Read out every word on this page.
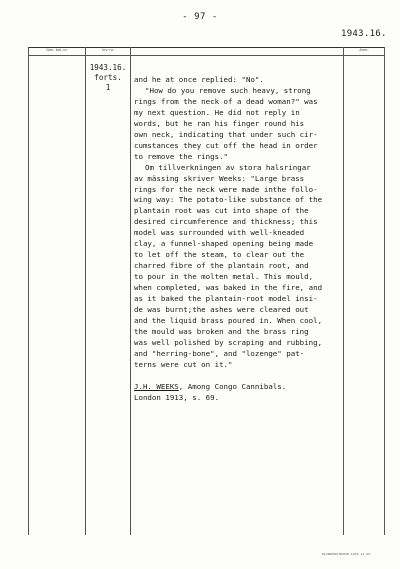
- 97 -
1943.16.
Gen. kat. nr.	Inv. nr.	Anm.
1943.16.
forts.
1
and he at once replied: "No".
"How do you remove such heavy, strong
rings from the neck of a dead woman?" was
my next question. He did not reply in
words, but he ran his finger round his
own neck, indicating that under such cir-
cumstances they cut off the head in order
to remove the rings."
Om tillverkningen av stora halsringar
av mässing skriver Weeks: "Large brass
rings for the neck were made inthe follo-
wing way: The potato-like substance of the
plantain root was cut into shape of the
desired circumference and thickness; this
model was surrounded with well-kneaded
clay, a funnel-shaped opening being made
to let off the steam, to clear out the
charred fibre of the plantain root, and
to pour in the molten metal. This mould,
when completed, was baked in the fire, and
as it baked the plantain-root model insi-
de was burnt;the ashes were cleared out
and the liquid brass poured in. When cool,
the mould was broken and the brass ring
was well polished by scraping and rubbing,
and "herring-bone", and "lozenge" pat-
terns were cut on it."

J.H. WEEKS, Among Congo Cannibals.
London 1913, s. 69.
ELANDERS BOKTR. 1943. 11. 42.
